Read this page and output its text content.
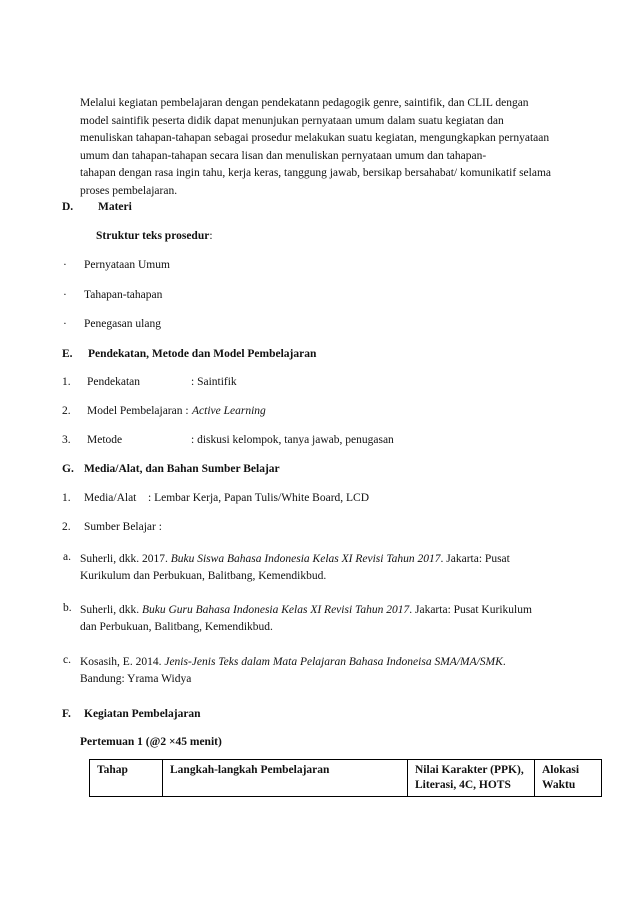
Melalui kegiatan pembelajaran dengan pendekatann pedagogik genre, saintifik, dan CLIL dengan
model saintifik peserta didik dapat menunjukan pernyataan umum dalam suatu kegiatan dan
menuliskan tahapan-tahapan sebagai prosedur melakukan suatu kegiatan, mengungkapkan pernyataan
umum dan tahapan-tahapan secara lisan dan menuliskan pernyataan umum dan tahapan-
tahapan dengan rasa ingin tahu, kerja keras, tanggung jawab, bersikap bersahabat/ komunikatif selama
proses pembelajaran.
D. Materi
Struktur teks prosedur:
· Pernyataan Umum
· Tahapan-tahapan
· Penegasan ulang
E. Pendekatan, Metode dan Model Pembelajaran
1. Pendekatan	: Saintifik
2. Model Pembelajaran : Active Learning
3. Metode	: diskusi kelompok, tanya jawab, penugasan
G. Media/Alat, dan Bahan Sumber Belajar
1. Media/Alat : Lembar Kerja, Papan Tulis/White Board, LCD
2. Sumber Belajar :
a. Suherli, dkk. 2017. Buku Siswa Bahasa Indonesia Kelas XI Revisi Tahun 2017. Jakarta: Pusat
Kurikulum dan Perbukuan, Balitbang, Kemendikbud.
b. Suherli, dkk. Buku Guru Bahasa Indonesia Kelas XI Revisi Tahun 2017. Jakarta: Pusat Kurikulum
dan Perbukuan, Balitbang, Kemendikbud.
c. Kosasih, E. 2014. Jenis-Jenis Teks dalam Mata Pelajaran Bahasa Indoneisa SMA/MA/SMK.
Bandung: Yrama Widya
F. Kegiatan Pembelajaran
Pertemuan 1 (@2 ×45 menit)
Tahap	Langkah-langkah Pembelajaran	Nilai Karakter (PPK), Literasi, 4C, HOTS	Alokasi Waktu
